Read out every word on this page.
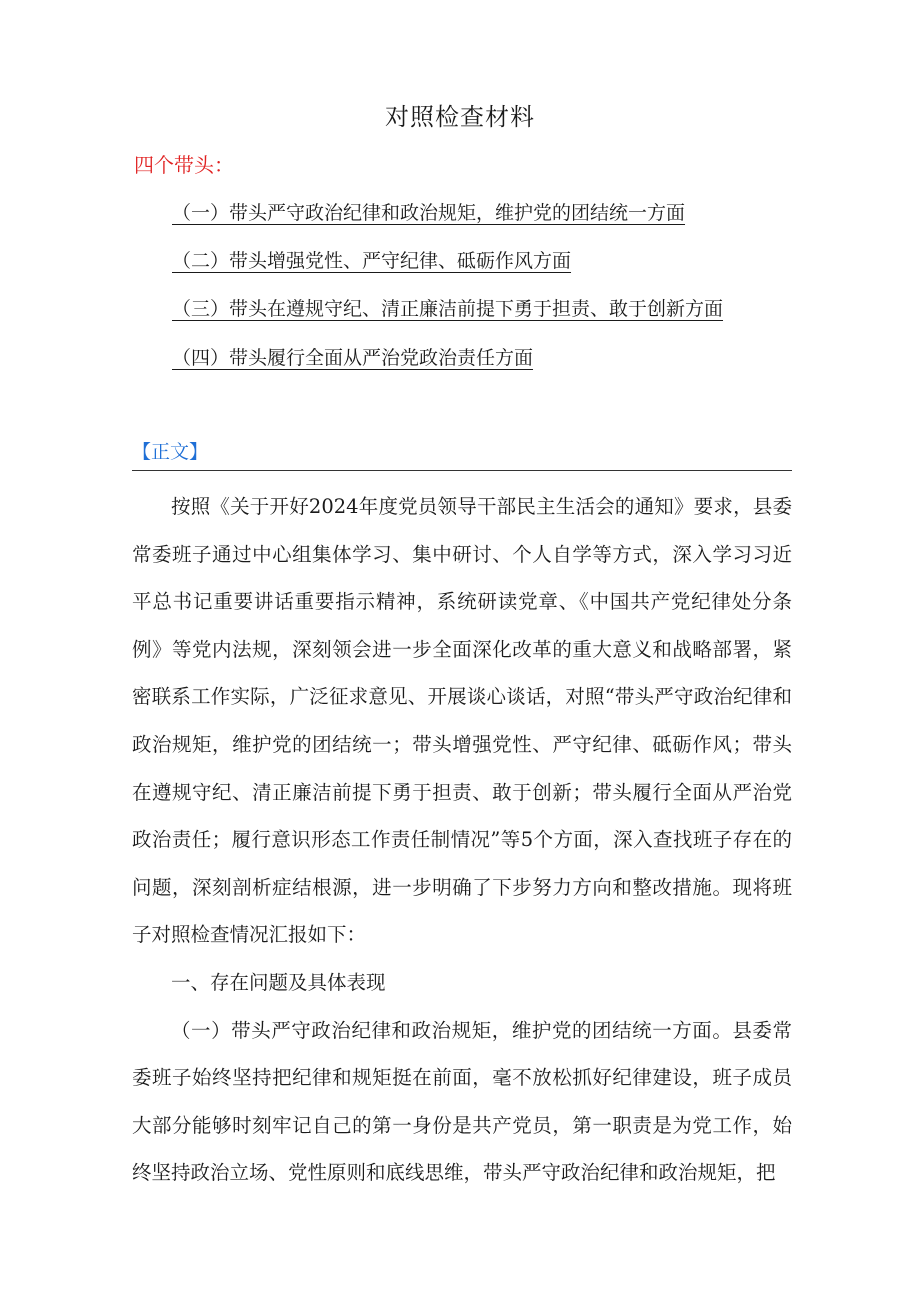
对照检查材料
四个带头：
（一）带头严守政治纪律和政治规矩，维护党的团结统一方面
（二）带头增强党性、严守纪律、砥砺作风方面
（三）带头在遵规守纪、清正廉洁前提下勇于担责、敢于创新方面
（四）带头履行全面从严治党政治责任方面
【正文】

按照《关于开好2024年度党员领导干部民主生活会的通知》要求，县委常委班子通过中心组集体学习、集中研讨、个人自学等方式，深入学习习近平总书记重要讲话重要指示精神，系统研读党章、《中国共产党纪律处分条例》等党内法规，深刻领会进一步全面深化改革的重大意义和战略部署，紧密联系工作实际，广泛征求意见、开展谈心谈话，对照“带头严守政治纪律和政治规矩，维护党的团结统一；带头增强党性、严守纪律、砥砺作风；带头在遵规守纪、清正廉洁前提下勇于担责、敢于创新；带头履行全面从严治党政治责任；履行意识形态工作责任制情况”等5个方面，深入查找班子存在的问题，深刻剖析症结根源，进一步明确了下步努力方向和整改措施。现将班子对照检查情况汇报如下：

一、存在问题及具体表现

（一）带头严守政治纪律和政治规矩，维护党的团结统一方面。县委常委班子始终坚持把纪律和规矩挺在前面，毫不放松抓好纪律建设，班子成员大部分能够时刻牢记自己的第一身份是共产党员，第一职责是为党工作，始终坚持政治立场、党性原则和底线思维，带头严守政治纪律和政治规矩，把
